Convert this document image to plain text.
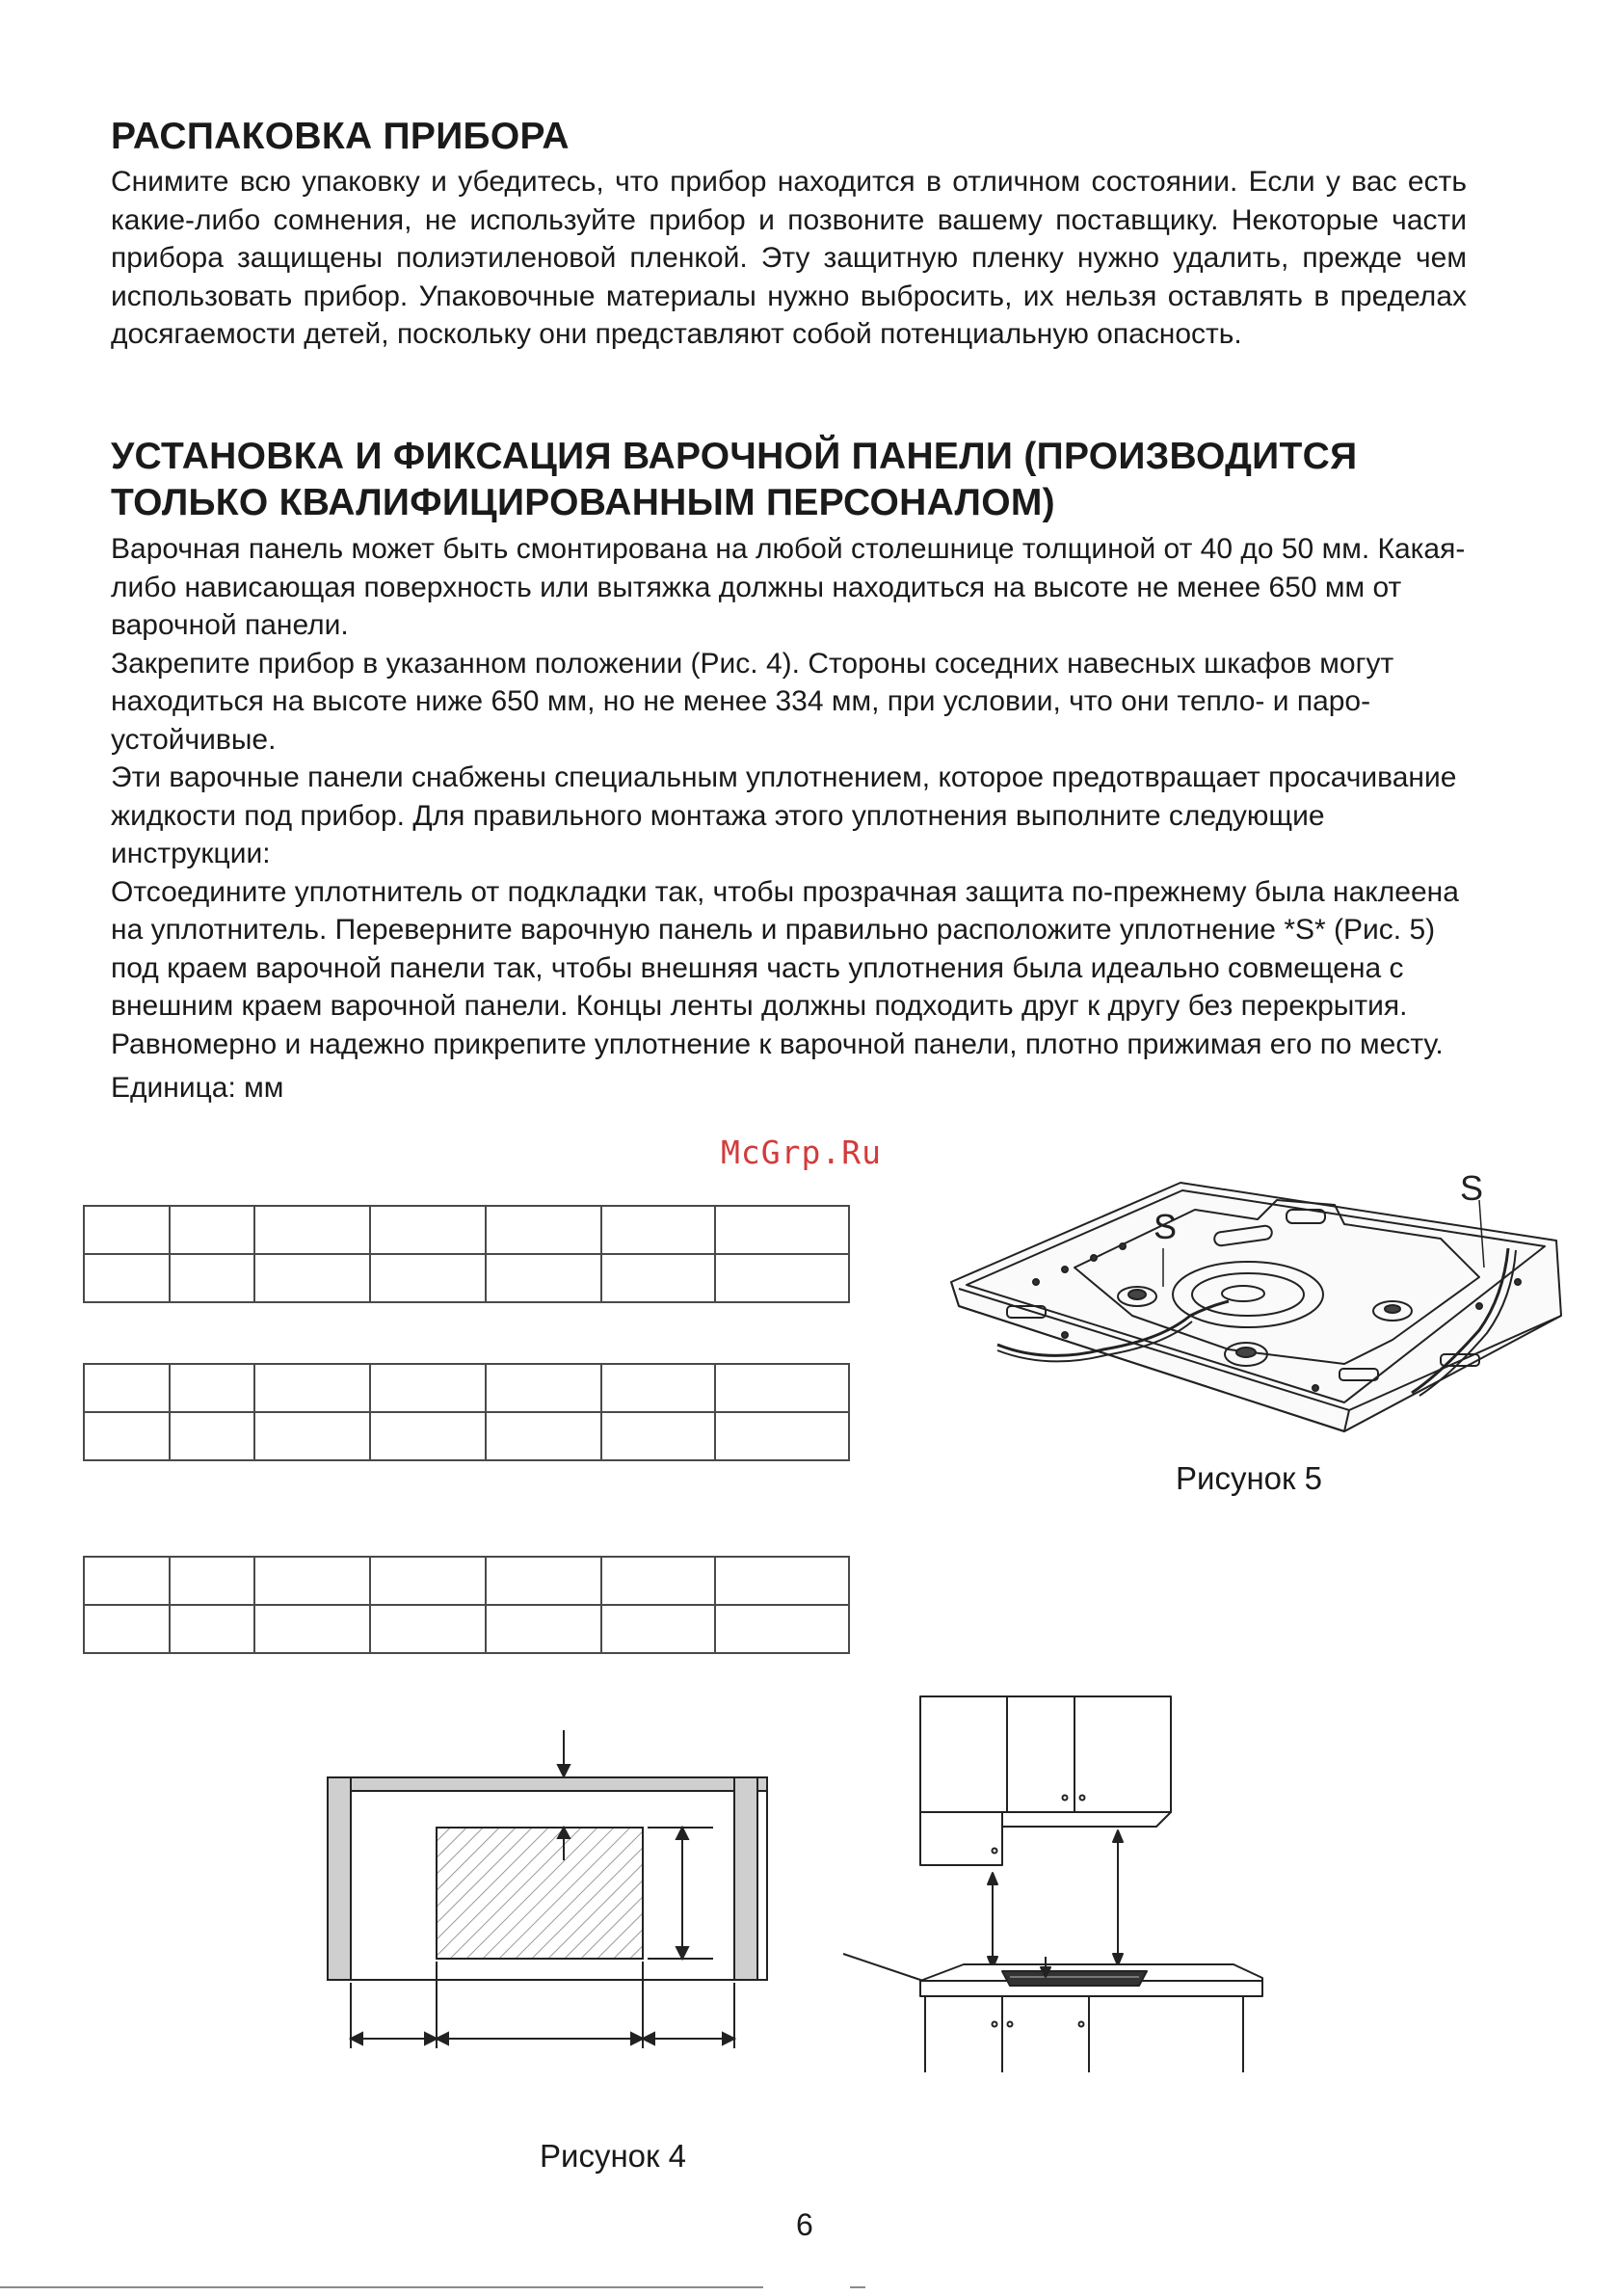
РАСПАКОВКА ПРИБОРА

Снимите всю упаковку и убедитесь, что прибор находится в отличном состоянии. Если у вас есть какие-либо сомнения, не используйте прибор и позвоните вашему поставщику. Некоторые части прибора защищены полиэтиленовой пленкой. Эту защитную пленку нужно удалить, прежде чем использовать прибор. Упаковочные материалы нужно выбросить, их нельзя оставлять в пределах досягаемости детей, поскольку они представляют собой потенциальную опасность.

УСТАНОВКА И ФИКСАЦИЯ ВАРОЧНОЙ ПАНЕЛИ (ПРОИЗВОДИТСЯ
ТОЛЬКО КВАЛИФИЦИРОВАННЫМ ПЕРСОНАЛОМ)

Варочная панель может быть смонтирована на любой столешнице толщиной от 40 до 50 мм. Какая-либо нависающая поверхность или вытяжка должны находиться на высоте не менее 650 мм от варочной панели.

Закрепите прибор в указанном положении (Рис. 4). Стороны соседних навесных шкафов могут находиться на высоте ниже 650 мм, но не менее 334 мм, при условии, что они тепло- и паро-устойчивые.

Эти варочные панели снабжены специальным уплотнением, которое предотвращает просачивание жидкости под прибор. Для правильного монтажа этого уплотнения выполните следующие инструкции:

Отсоедините уплотнитель от подкладки так, чтобы прозрачная защита по-прежнему была наклеена на уплотнитель. Переверните варочную панель и правильно расположите уплотнение *S* (Рис. 5) под краем варочной панели так, чтобы внешняя часть уплотнения была идеально совмещена с внешним краем варочной панели. Концы ленты должны подходить друг к другу без перекрытия. Равномерно и надежно прикрепите уплотнение к варочной панели, плотно прижимая его по месту.

Единица: мм

McGrp.Ru

S
S
Рисунок 5
Рисунок 4
6
